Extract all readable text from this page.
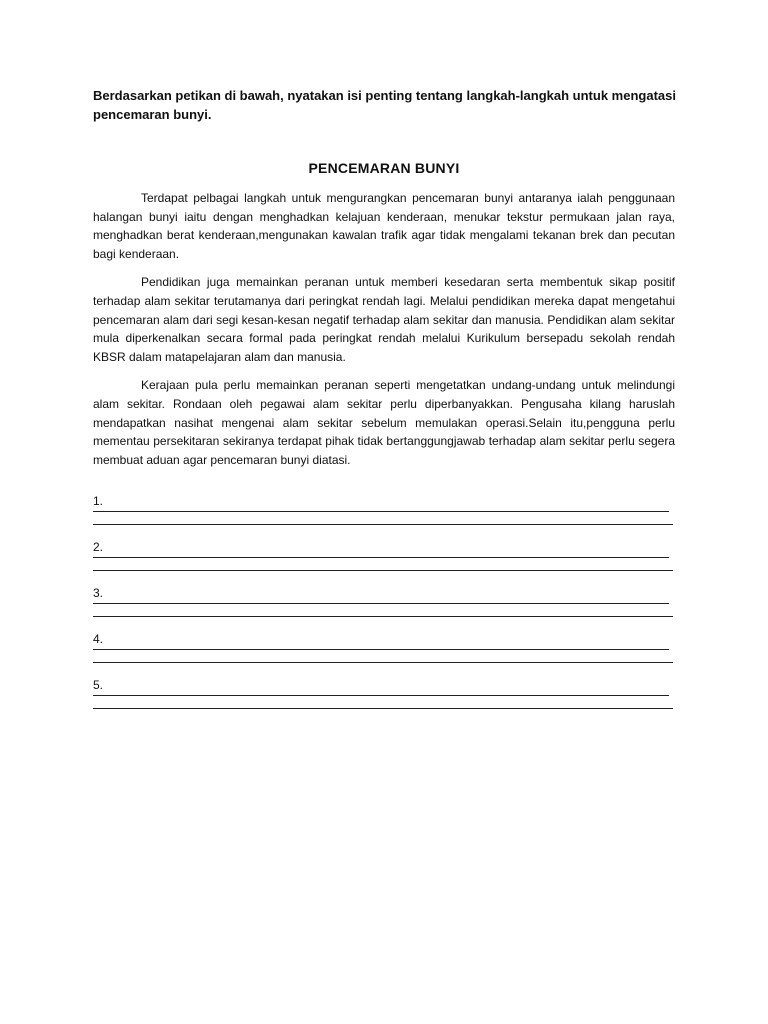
Berdasarkan petikan di bawah, nyatakan isi penting tentang langkah-langkah untuk mengatasi pencemaran bunyi.
PENCEMARAN BUNYI

Terdapat pelbagai langkah untuk mengurangkan pencemaran bunyi antaranya ialah penggunaan halangan bunyi iaitu dengan menghadkan kelajuan kenderaan, menukar tekstur permukaan jalan raya, menghadkan berat kenderaan,mengunakan kawalan trafik agar tidak mengalami tekanan brek dan pecutan bagi kenderaan.

Pendidikan juga memainkan peranan untuk memberi kesedaran serta membentuk sikap positif terhadap alam sekitar terutamanya dari peringkat rendah lagi. Melalui pendidikan mereka dapat mengetahui pencemaran alam dari segi kesan-kesan negatif terhadap alam sekitar dan manusia. Pendidikan alam sekitar mula diperkenalkan secara formal pada peringkat rendah melalui Kurikulum bersepadu sekolah rendah KBSR dalam matapelajaran alam dan manusia.

Kerajaan pula perlu memainkan peranan seperti mengetatkan undang-undang untuk melindungi alam sekitar. Rondaan oleh pegawai alam sekitar perlu diperbanyakkan. Pengusaha kilang haruslah mendapatkan nasihat mengenai alam sekitar sebelum memulakan operasi.Selain itu,pengguna perlu mementau persekitaran sekiranya terdapat pihak tidak bertanggungjawab terhadap alam sekitar perlu segera membuat aduan agar pencemaran bunyi diatasi.

1.
2.
3.
4.
5.
